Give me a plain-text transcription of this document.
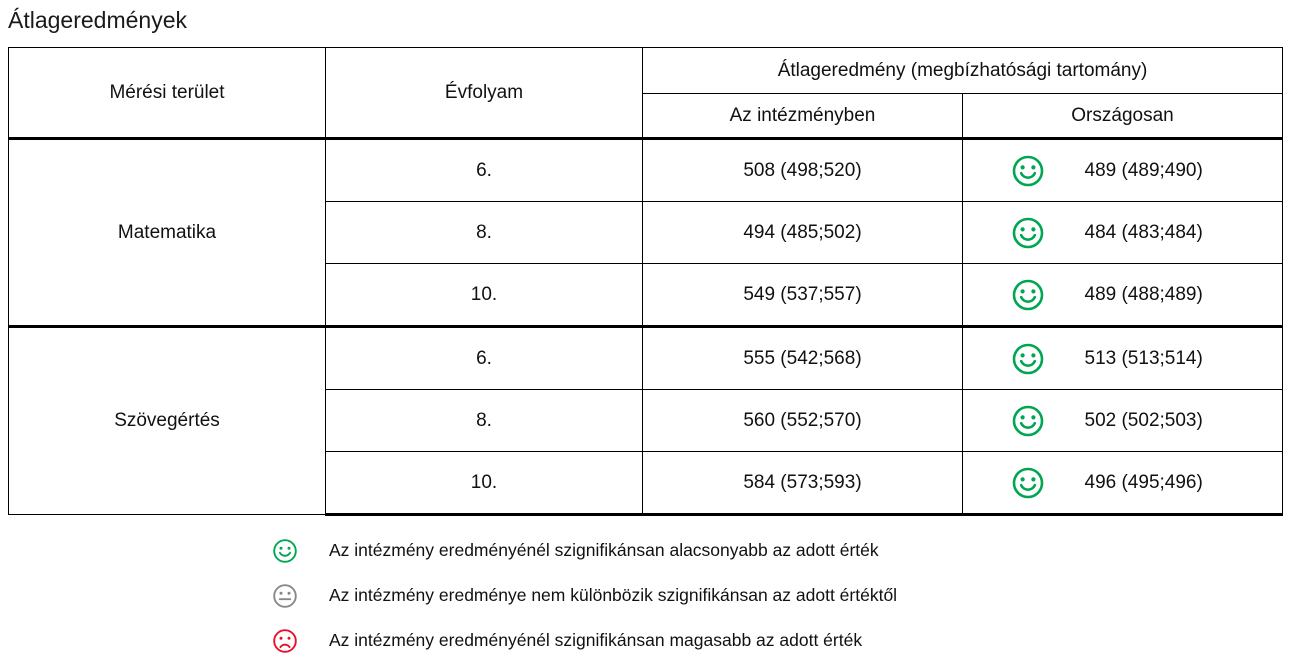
Átlageredmények
Mérési terület	Évfolyam	Átlageredmény (megbízhatósági tartomány)	
		Az intézményben	Országosan
Matematika	6.	508 (498;520)	489 (489;490)

	8.	494 (485;502)	484 (483;484)

	10.	549 (537;557)	489 (488;489)

Szövegértés	6.	555 (542;568)	513 (513;514)

	8.	560 (552;570)	502 (502;503)

	10.	584 (573;593)	496 (495;496)
Az intézmény eredményénél szignifikánsan alacsonyabb az adott érték
Az intézmény eredménye nem különbözik szignifikánsan az adott értéktől
Az intézmény eredményénél szignifikánsan magasabb az adott érték
